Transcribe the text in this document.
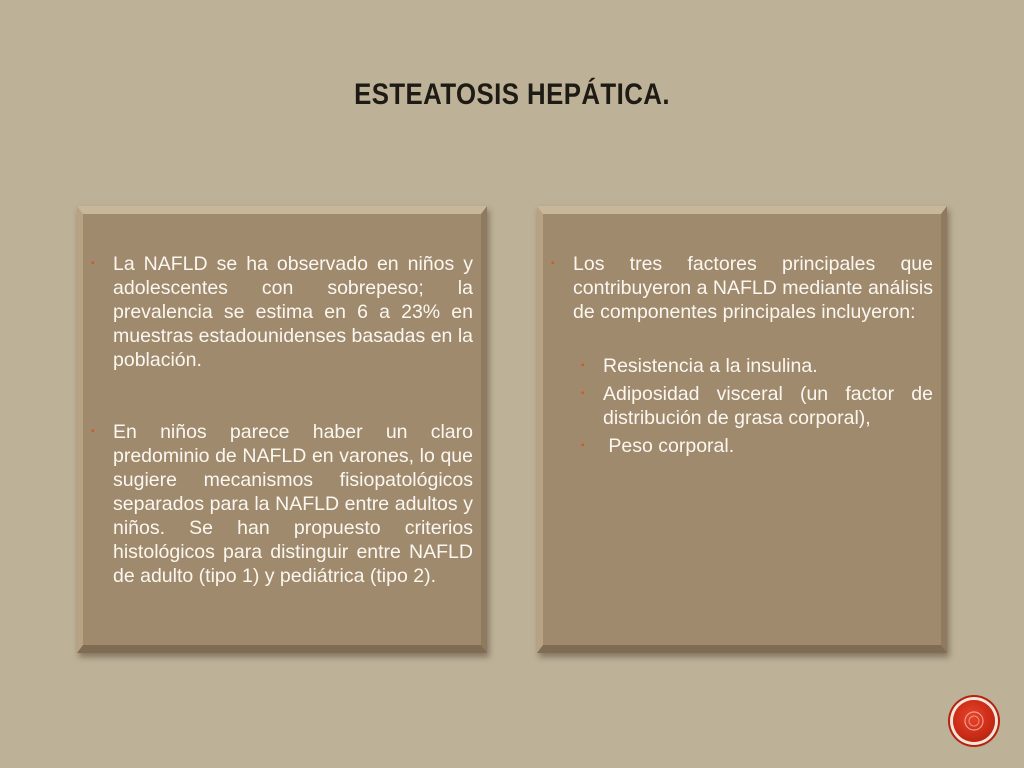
ESTEATOSIS HEPÁTICA.
▪ La NAFLD se ha observado en niños y adolescentes con sobrepeso; la prevalencia se estima en 6 a 23% en muestras estadounidenses basadas en la población.
▪ En niños parece haber un claro predominio de NAFLD en varones, lo que sugiere mecanismos fisiopatológicos separados para la NAFLD entre adultos y niños. Se han propuesto criterios histológicos para distinguir entre NAFLD de adulto (tipo 1) y pediátrica (tipo 2).
▪ Los tres factores principales que contribuyeron a NAFLD mediante análisis de componentes principales incluyeron:
▪ Resistencia a la insulina.
▪ Adiposidad visceral (un factor de distribución de grasa corporal),
▪ Peso corporal.
